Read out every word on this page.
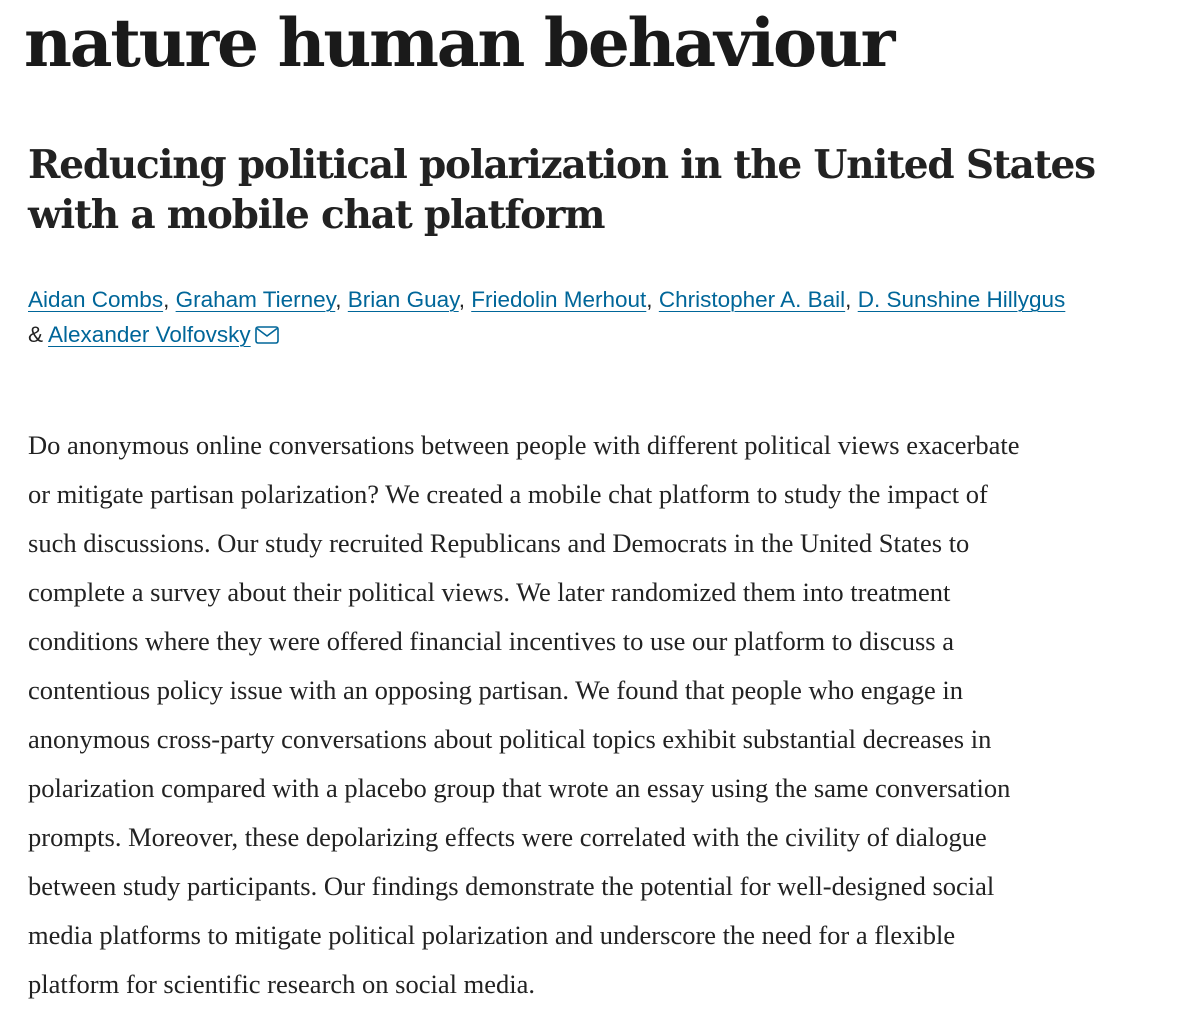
nature human behaviour
Reducing political polarization in the United States
with a mobile chat platform
Aidan Combs, Graham Tierney, Brian Guay, Friedolin Merhout, Christopher A. Bail, D. Sunshine Hillygus
& Alexander Volfovsky

Do anonymous online conversations between people with different political views exacerbate
or mitigate partisan polarization? We created a mobile chat platform to study the impact of
such discussions. Our study recruited Republicans and Democrats in the United States to
complete a survey about their political views. We later randomized them into treatment
conditions where they were offered financial incentives to use our platform to discuss a
contentious policy issue with an opposing partisan. We found that people who engage in
anonymous cross-party conversations about political topics exhibit substantial decreases in
polarization compared with a placebo group that wrote an essay using the same conversation
prompts. Moreover, these depolarizing effects were correlated with the civility of dialogue
between study participants. Our findings demonstrate the potential for well-designed social
media platforms to mitigate political polarization and underscore the need for a flexible
platform for scientific research on social media.
